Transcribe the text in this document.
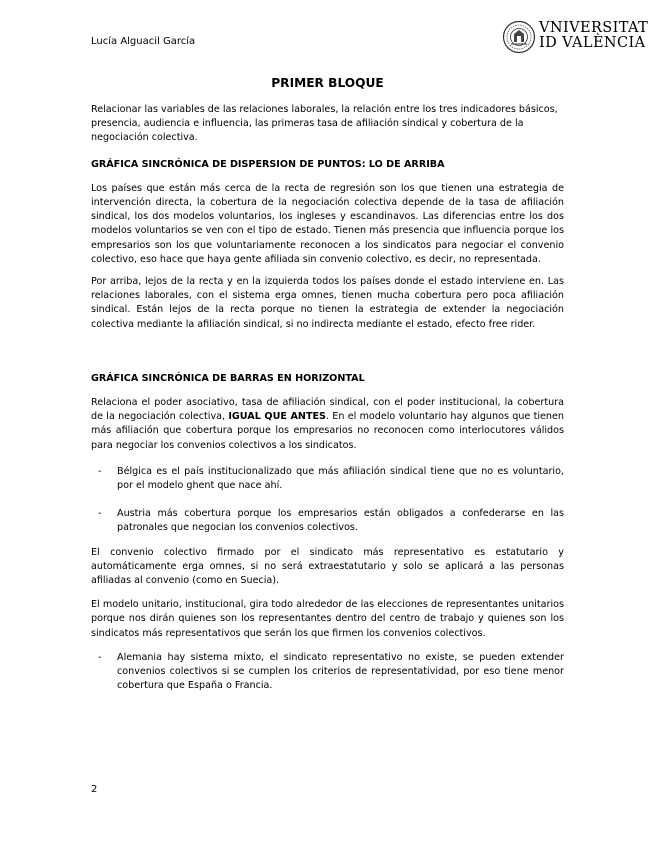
Lucía Alguacil García
VNIVERSITAT
ID VALÈNCIA
PRIMER BLOQUE

Relacionar las variables de las relaciones laborales, la relación entre los tres indicadores básicos, presencia, audiencia e influencia, las primeras tasa de afiliación sindical y cobertura de la negociación colectiva.

GRÁFICA SINCRÓNICA DE DISPERSION DE PUNTOS: LO DE ARRIBA

Los países que están más cerca de la recta de regresión son los que tienen una estrategia de intervención directa, la cobertura de la negociación colectiva depende de la tasa de afiliación sindical, los dos modelos voluntarios, los ingleses y escandinavos. Las diferencias entre los dos modelos voluntarios se ven con el tipo de estado. Tienen más presencia que influencia porque los empresarios son los que voluntariamente reconocen a los sindicatos para negociar el convenio colectivo, eso hace que haya gente afiliada sin convenio colectivo, es decir, no representada.

Por arriba, lejos de la recta y en la izquierda todos los países donde el estado interviene en. Las relaciones laborales, con el sistema erga omnes, tienen mucha cobertura pero poca afiliación sindical. Están lejos de la recta porque no tienen la estrategia de extender la negociación colectiva mediante la afiliación sindical, si no indirecta mediante el estado, efecto free rider.

GRÁFICA SINCRÓNICA DE BARRAS EN HORIZONTAL

Relaciona el poder asociativo, tasa de afiliación sindical, con el poder institucional, la cobertura de la negociación colectiva, IGUAL QUE ANTES. En el modelo voluntario hay algunos que tienen más afiliación que cobertura porque los empresarios no reconocen como interlocutores válidos para negociar los convenios colectivos a los sindicatos.

- Bélgica es el país institucionalizado que más afiliación sindical tiene que no es voluntario, por el modelo ghent que nace ahí.
- Austria más cobertura porque los empresarios están obligados a confederarse en las patronales que negocian los convenios colectivos.

El convenio colectivo firmado por el sindicato más representativo es estatutario y automáticamente erga omnes, si no será extraestatutario y solo se aplicará a las personas afiliadas al convenio (como en Suecia).

El modelo unitario, institucional, gira todo alrededor de las elecciones de representantes unitarios porque nos dirán quienes son los representantes dentro del centro de trabajo y quienes son los sindicatos más representativos que serán los que firmen los convenios colectivos.

- Alemania hay sistema mixto, el sindicato representativo no existe, se pueden extender convenios colectivos si se cumplen los criterios de representatividad, por eso tiene menor cobertura que España o Francia.
2
